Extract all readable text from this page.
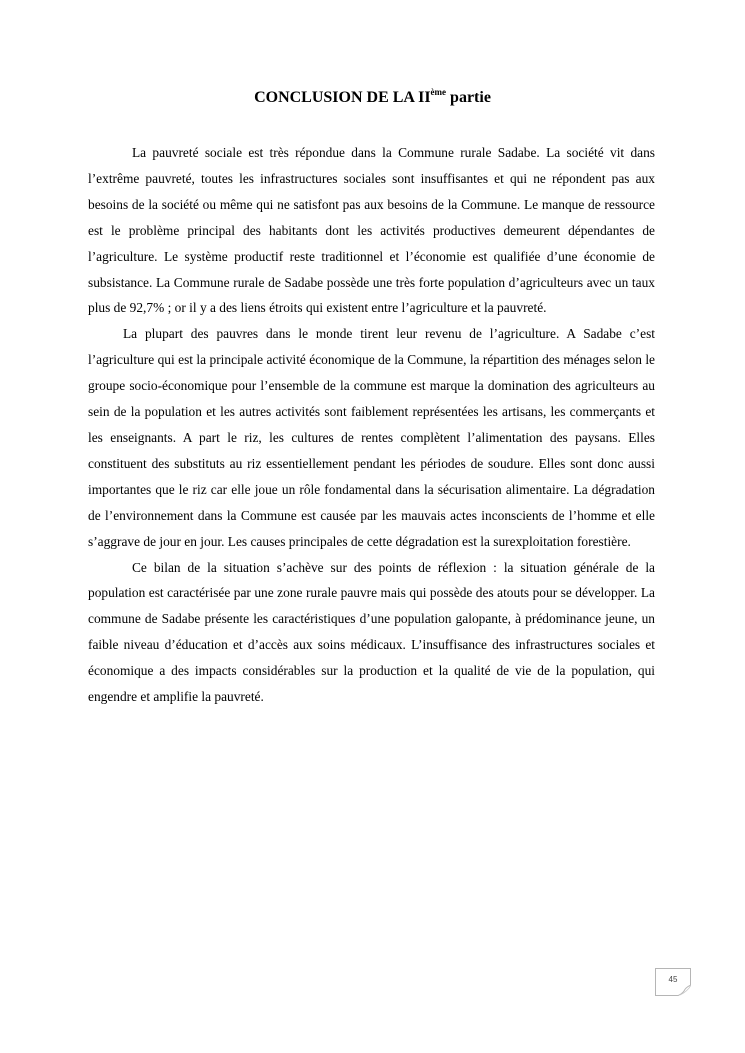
CONCLUSION DE LA IIème partie

La pauvreté sociale est très répondue dans la Commune rurale Sadabe. La société vit dans l’extrême pauvreté, toutes les infrastructures sociales sont insuffisantes et qui ne répondent pas aux besoins de la société ou même qui ne satisfont pas aux besoins de la Commune. Le manque de ressource est le problème principal des habitants dont les activités productives demeurent dépendantes de l’agriculture. Le système productif reste traditionnel et l’économie est qualifiée d’une économie de subsistance. La Commune rurale de Sadabe possède une très forte population d’agriculteurs avec un taux plus de 92,7% ; or il y a des liens étroits qui existent entre l’agriculture et la pauvreté.

La plupart des pauvres dans le monde tirent leur revenu de l’agriculture. A Sadabe c’est l’agriculture qui est la principale activité économique de la Commune, la répartition des ménages selon le groupe socio-économique pour l’ensemble de la commune est marque la domination des agriculteurs au sein de la population et les autres activités sont faiblement représentées les artisans, les commerçants et les enseignants. A part le riz, les cultures de rentes complètent l’alimentation des paysans. Elles constituent des substituts au riz essentiellement pendant les périodes de soudure. Elles sont donc aussi importantes que le riz car elle joue un rôle fondamental dans la sécurisation alimentaire. La dégradation de l’environnement dans la Commune est causée par les mauvais actes inconscients de l’homme et elle s’aggrave de jour en jour. Les causes principales de cette dégradation est la surexploitation forestière.

Ce bilan de la situation s’achève sur des points de réflexion : la situation générale de la population est caractérisée par une zone rurale pauvre mais qui possède des atouts pour se développer. La commune de Sadabe présente les caractéristiques d’une population galopante, à prédominance jeune, un faible niveau d’éducation et d’accès aux soins médicaux. L’insuffisance des infrastructures sociales et économique a des impacts considérables sur la production et la qualité de vie de la population, qui engendre et amplifie la pauvreté.

45
